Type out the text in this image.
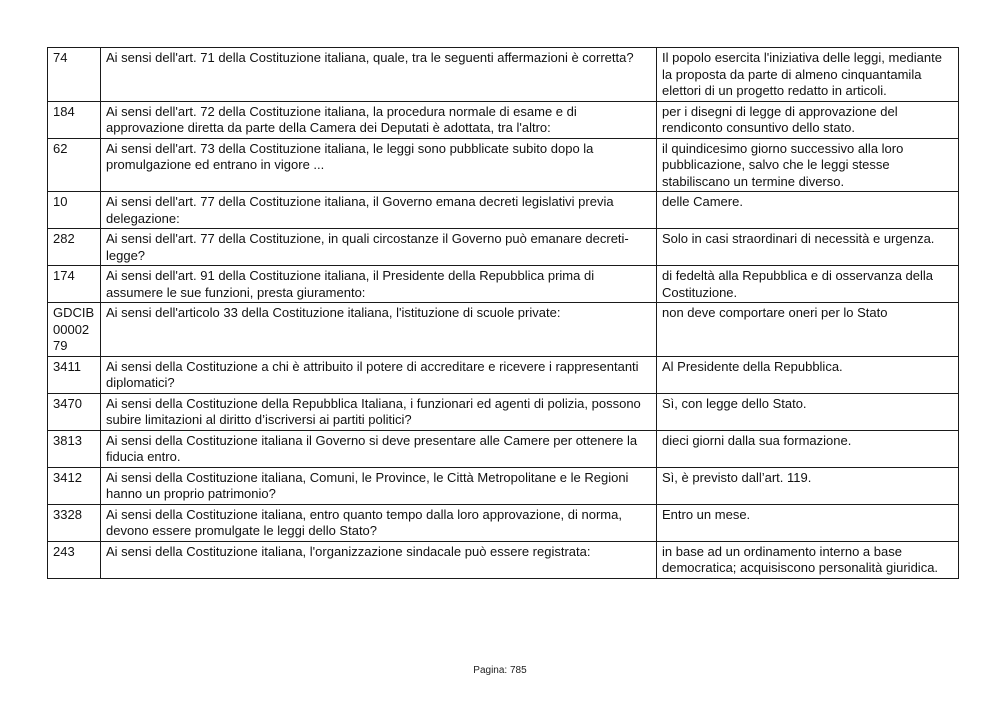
74	Ai sensi dell'art. 71 della Costituzione italiana, quale, tra le seguenti affermazioni è corretta?	Il popolo esercita l'iniziativa delle leggi, mediante la proposta da parte di almeno cinquantamila elettori di un progetto redatto in articoli.
184	Ai sensi dell'art. 72 della Costituzione italiana, la procedura normale di esame e di approvazione diretta da parte della Camera dei Deputati è adottata, tra l'altro:	per i disegni di legge di approvazione del rendiconto consuntivo dello stato.
62	Ai sensi dell'art. 73 della Costituzione italiana, le leggi sono pubblicate subito dopo la promulgazione ed entrano in vigore ...	il quindicesimo giorno successivo alla loro pubblicazione, salvo che le leggi stesse stabiliscano un termine diverso.
10	Ai sensi dell'art. 77 della Costituzione italiana, il Governo emana decreti legislativi previa delegazione:	delle Camere.
282	Ai sensi dell'art. 77 della Costituzione, in quali circostanze il Governo può emanare decreti- legge?	Solo in casi straordinari di necessità e urgenza.
174	Ai sensi dell'art. 91 della Costituzione italiana, il Presidente della Repubblica prima di assumere le sue funzioni, presta giuramento:	di fedeltà alla Repubblica e di osservanza della Costituzione.
GDCIB0000279	Ai sensi dell'articolo 33 della Costituzione italiana, l'istituzione di scuole private:	non deve comportare oneri per lo Stato
3411	Ai sensi della Costituzione a chi è attribuito il potere di accreditare e ricevere i rappresentanti diplomatici?	Al Presidente della Repubblica.
3470	Ai sensi della Costituzione della Repubblica Italiana, i funzionari ed agenti di polizia, possono subire limitazioni al diritto d’iscriversi ai partiti politici?	Sì, con legge dello Stato.
3813	Ai sensi della Costituzione italiana il Governo si deve presentare alle Camere per ottenere la fiducia entro.	dieci giorni dalla sua formazione.
3412	Ai sensi della Costituzione italiana, Comuni, le Province, le Città Metropolitane e le Regioni hanno un proprio patrimonio?	Sì, è previsto dall’art. 119.
3328	Ai sensi della Costituzione italiana, entro quanto tempo dalla loro approvazione, di norma, devono essere promulgate le leggi dello Stato?	Entro un mese.
243	Ai sensi della Costituzione italiana, l'organizzazione sindacale può essere registrata:	in base ad un ordinamento interno a base democratica; acquisiscono personalità giuridica.
Pagina: 785
